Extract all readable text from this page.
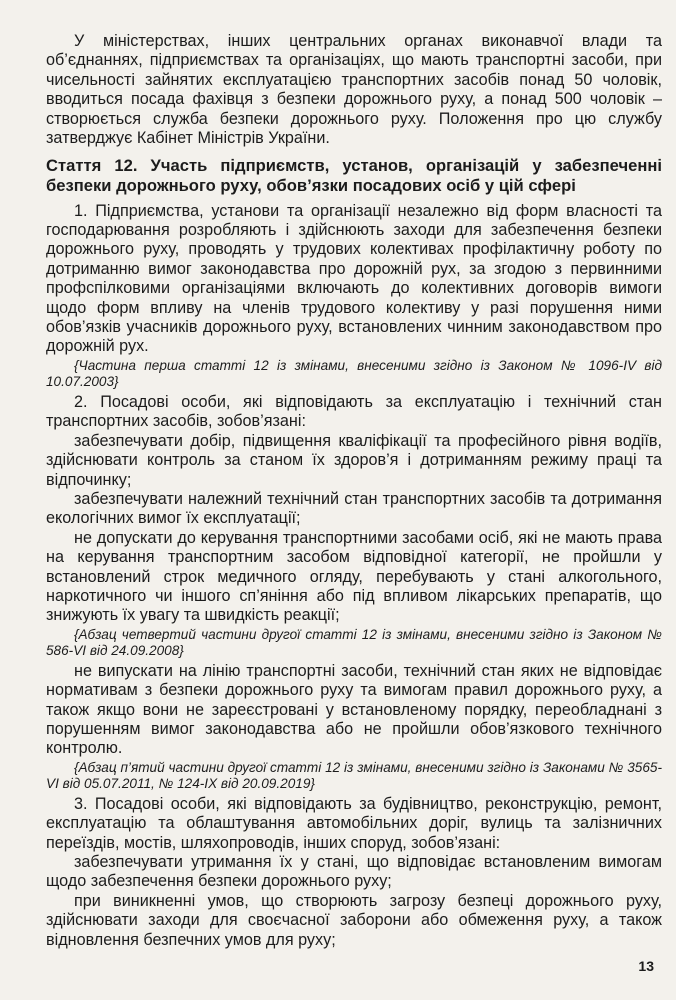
У міністерствах, інших центральних органах виконавчої влади та об’єднаннях, підприємствах та організаціях, що мають транспортні засоби, при чисельності зайнятих експлуатацією транспортних засобів понад 50 чоловік, вводиться посада фахівця з безпеки дорожнього руху, а понад 500 чоловік – створюється служба безпеки дорожнього руху. Положення про цю службу затверджує Кабінет Міністрів України.

Стаття 12. Участь підприємств, установ, організацій у забезпеченні безпеки дорожнього руху, обов’язки посадових осіб у цій сфері

1. Підприємства, установи та організації незалежно від форм власності та господарювання розробляють і здійснюють заходи для забезпечення безпеки дорожнього руху, проводять у трудових колективах профілактичну роботу по дотриманню вимог законодавства про дорожній рух, за згодою з первинними профспілковими організаціями включають до колективних договорів вимоги щодо форм впливу на членів трудового колективу у разі порушення ними обов’язків учасників дорожнього руху, встановлених чинним законодавством про дорожній рух.

{Частина перша статті 12 із змінами, внесеними згідно із Законом № 1096-IV від 10.07.2003}

2. Посадові особи, які відповідають за експлуатацію і технічний стан транспортних засобів, зобов’язані:

забезпечувати добір, підвищення кваліфікації та професійного рівня водіїв, здійснювати контроль за станом їх здоров’я і дотриманням режиму праці та відпочинку;

забезпечувати належний технічний стан транспортних засобів та дотримання екологічних вимог їх експлуатації;

не допускати до керування транспортними засобами осіб, які не мають права на керування транспортним засобом відповідної категорії, не пройшли у встановлений строк медичного огляду, перебувають у стані алкогольного, наркотичного чи іншого сп’яніння або під впливом лікарських препаратів, що знижують їх увагу та швидкість реакції;

{Абзац четвертий частини другої статті 12 із змінами, внесеними згідно із Законом № 586-VI від 24.09.2008}

не випускати на лінію транспортні засоби, технічний стан яких не відповідає нормативам з безпеки дорожнього руху та вимогам правил дорожнього руху, а також якщо вони не зареєстровані у встановленому порядку, переобладнані з порушенням вимог законодавства або не пройшли обов’язкового технічного контролю.

{Абзац п’ятий частини другої статті 12 із змінами, внесеними згідно із Законами № 3565-VI від 05.07.2011, № 124-IX від 20.09.2019}

3. Посадові особи, які відповідають за будівництво, реконструкцію, ремонт, експлуатацію та облаштування автомобільних доріг, вулиць та залізничних переїздів, мостів, шляхопроводів, інших споруд, зобов’язані:

забезпечувати утримання їх у стані, що відповідає встановленим вимогам щодо забезпечення безпеки дорожнього руху;

при виникненні умов, що створюють загрозу безпеці дорожнього руху, здійснювати заходи для своєчасної заборони або обмеження руху, а також відновлення безпечних умов для руху;

13
